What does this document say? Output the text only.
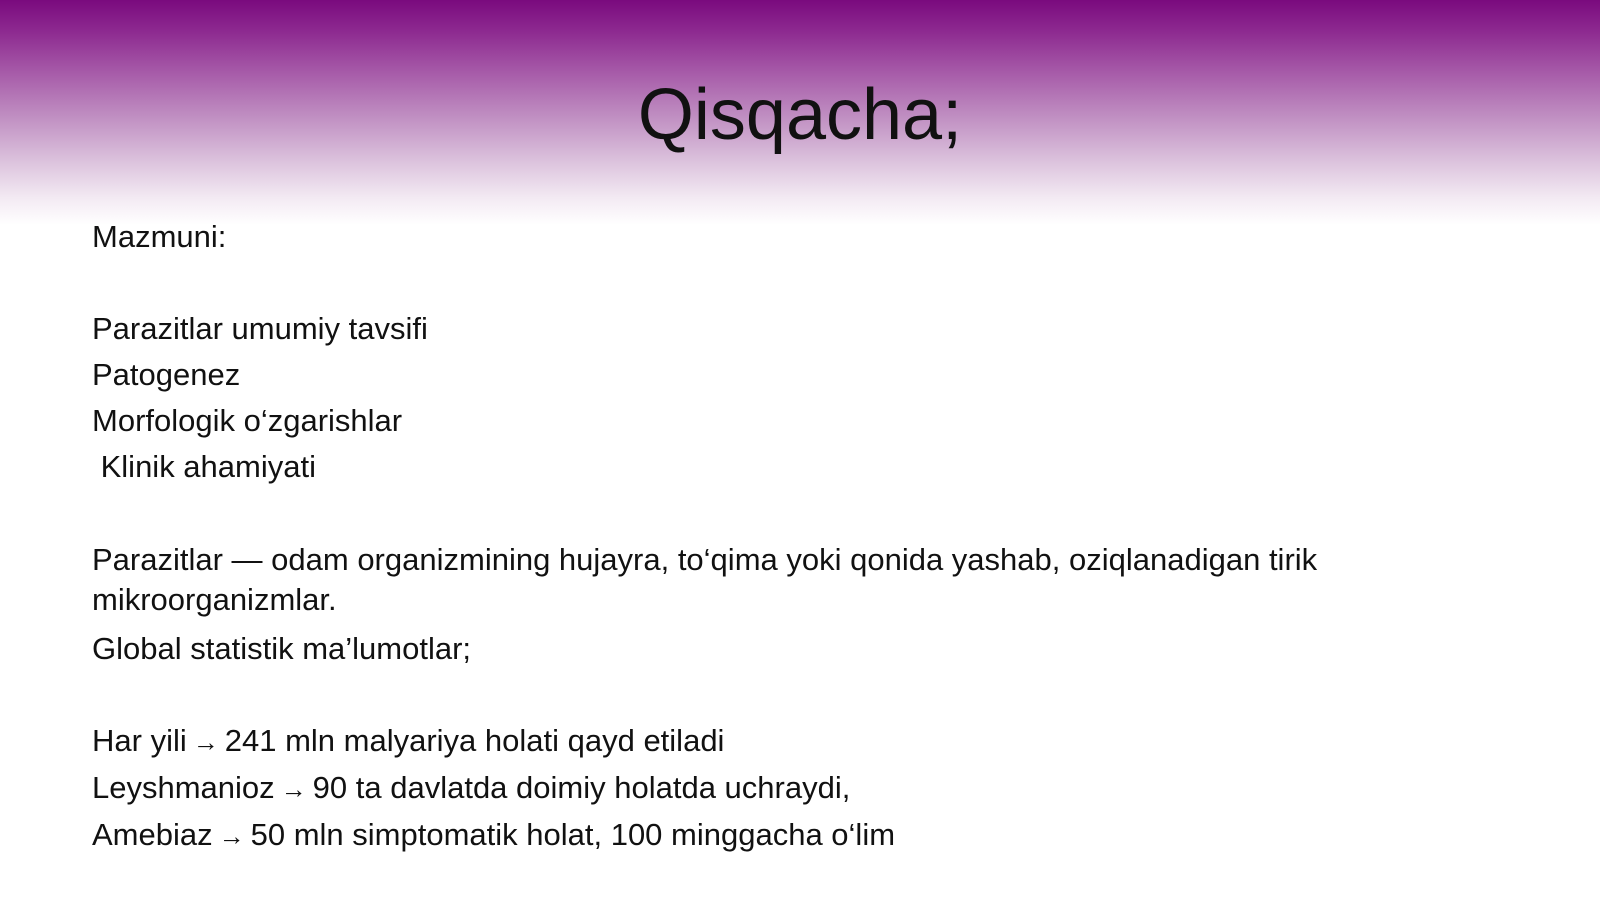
Qisqacha;
Mazmuni:
Parazitlar umumiy tavsifi
Patogenez
Morfologik o‘zgarishlar
Klinik ahamiyati
Parazitlar — odam organizmining hujayra, to‘qima yoki qonida yashab, oziqlanadigan tirik mikroorganizmlar.
Global statistik ma’lumotlar;
Har yili → 241 mln malyariya holati qayd etiladi
Leyshmanioz → 90 ta davlatda doimiy holatda uchraydi,
Amebiaz → 50 mln simptomatik holat, 100 minggacha o‘lim
